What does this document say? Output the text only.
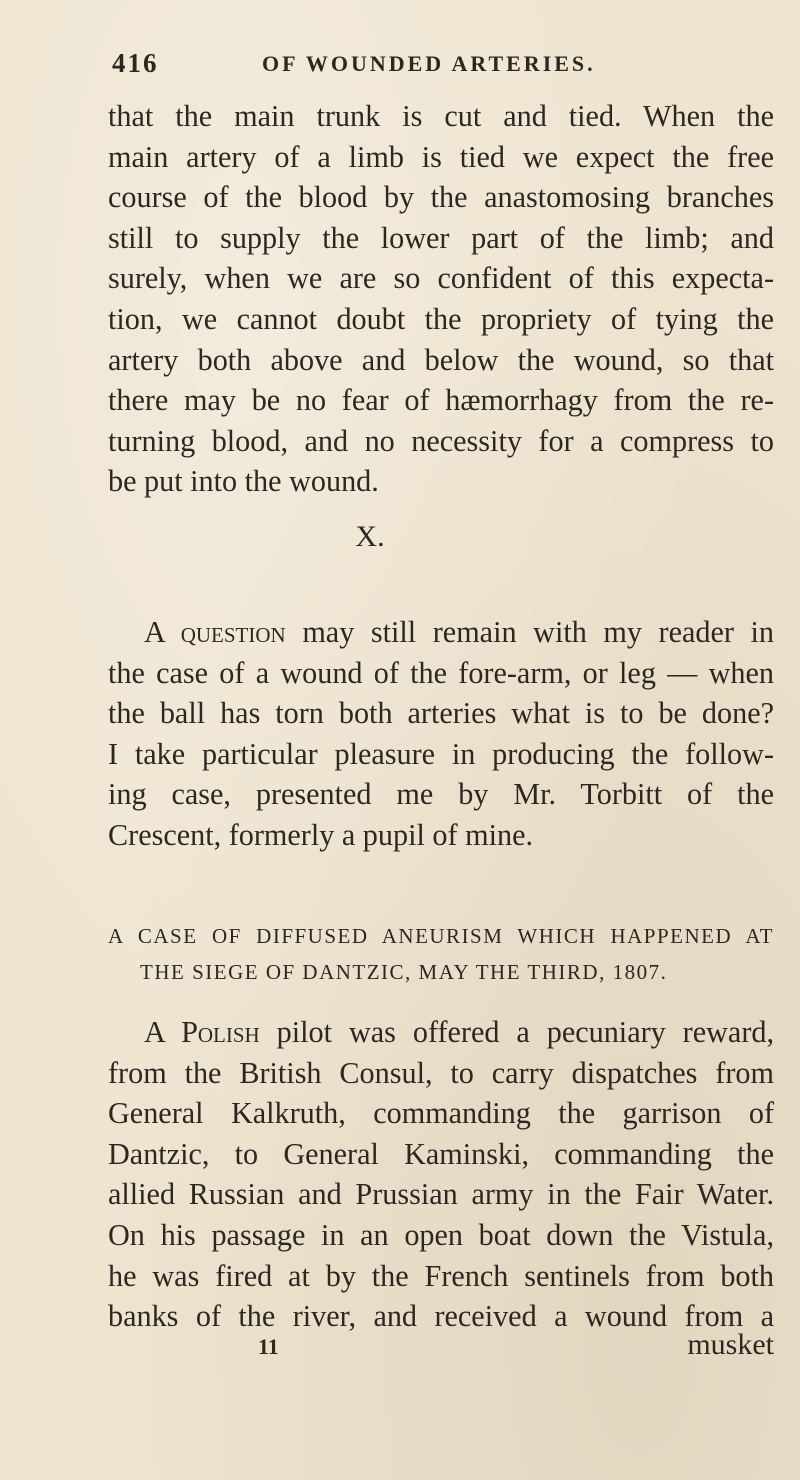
416	OF WOUNDED ARTERIES.
that the main trunk is cut and tied. When the
main artery of a limb is tied we expect the free
course of the blood by the anastomosing branches
still to supply the lower part of the limb; and
surely, when we are so confident of this expecta-
tion, we cannot doubt the propriety of tying the
artery both above and below the wound, so that
there may be no fear of hæmorrhagy from the re-
turning blood, and no necessity for a compress to
be put into the wound.
X.
A question may still remain with my reader in
the case of a wound of the fore-arm, or leg — when
the ball has torn both arteries what is to be done?
I take particular pleasure in producing the follow-
ing case, presented me by Mr. Torbitt of the
Crescent, formerly a pupil of mine.
A CASE OF DIFFUSED ANEURISM WHICH HAPPENED AT
THE SIEGE OF DANTZIC, MAY THE THIRD, 1807.
A Polish pilot was offered a pecuniary reward,
from the British Consul, to carry dispatches from
General Kalkruth, commanding the garrison of
Dantzic, to General Kaminski, commanding the
allied Russian and Prussian army in the Fair Water.
On his passage in an open boat down the Vistula,
he was fired at by the French sentinels from both
banks of the river, and received a wound from a
11	musket
